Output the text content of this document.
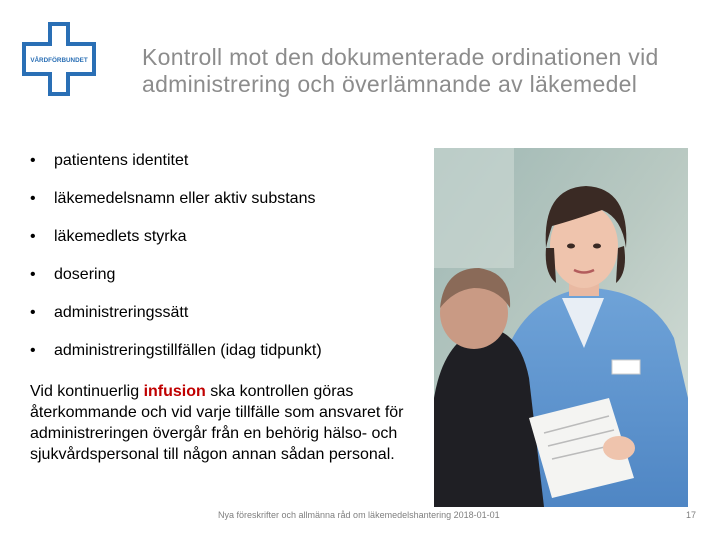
VÅRDFÖRBUNDET Kontroll mot den dokumenterade ordinationen vid administrering och överlämnande av läkemedel
• patientens identitet
• läkemedelsnamn eller aktiv substans
• läkemedlets styrka
• dosering
• administreringssätt
• administreringstillfällen (idag tidpunkt)
Vid kontinuerlig infusion ska kontrollen göras återkommande och vid varje tillfälle som ansvaret för administreringen övergår från en behörig hälso- och sjukvårdspersonal till någon annan sådan personal.
Nya föreskrifter och allmänna råd om läkemedelshantering 2018-01-01	17
